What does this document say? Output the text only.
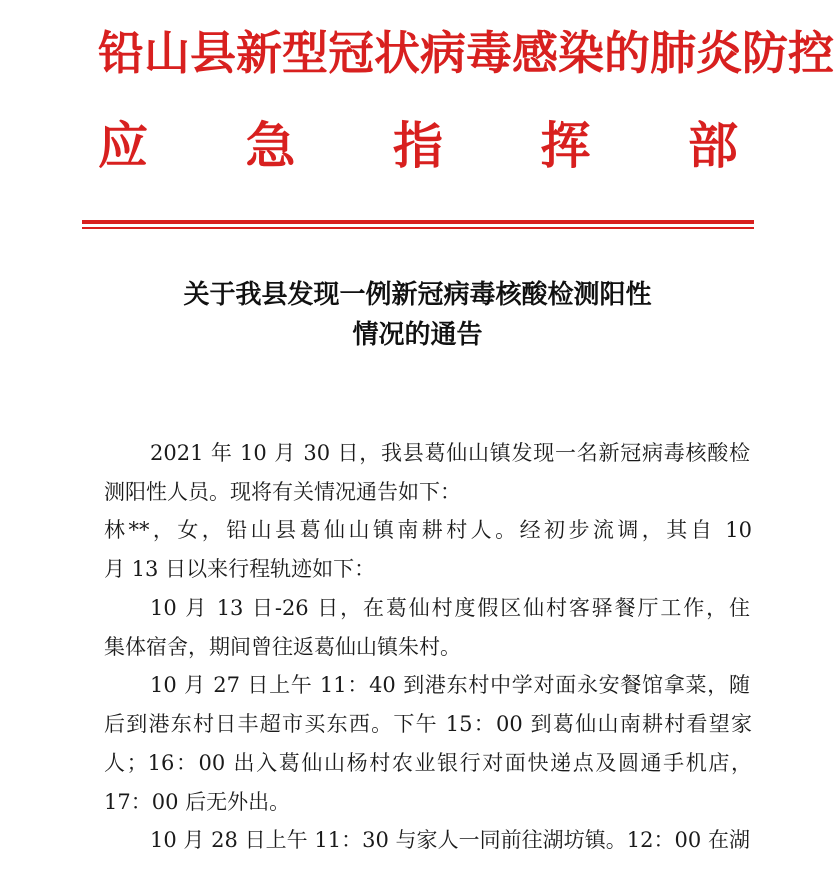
铅山县新型冠状病毒感染的肺炎防控
应 急 指 挥 部
关于我县发现一例新冠病毒核酸检测阳性
情况的通告
2021 年 10 月 30 日，我县葛仙山镇发现一名新冠病毒核酸检
测阳性人员。现将有关情况通告如下：
林**，女，铅山县葛仙山镇南耕村人。经初步流调，其自 10
月 13 日以来行程轨迹如下：
10 月 13 日-26 日，在葛仙村度假区仙村客驿餐厅工作，住
集体宿舍，期间曾往返葛仙山镇朱村。
10 月 27 日上午 11：40 到港东村中学对面永安餐馆拿菜，随
后到港东村日丰超市买东西。下午 15：00 到葛仙山南耕村看望家
人；16：00 出入葛仙山杨村农业银行对面快递点及圆通手机店，
17：00 后无外出。
10 月 28 日上午 11：30 与家人一同前往湖坊镇。12：00 在湖
